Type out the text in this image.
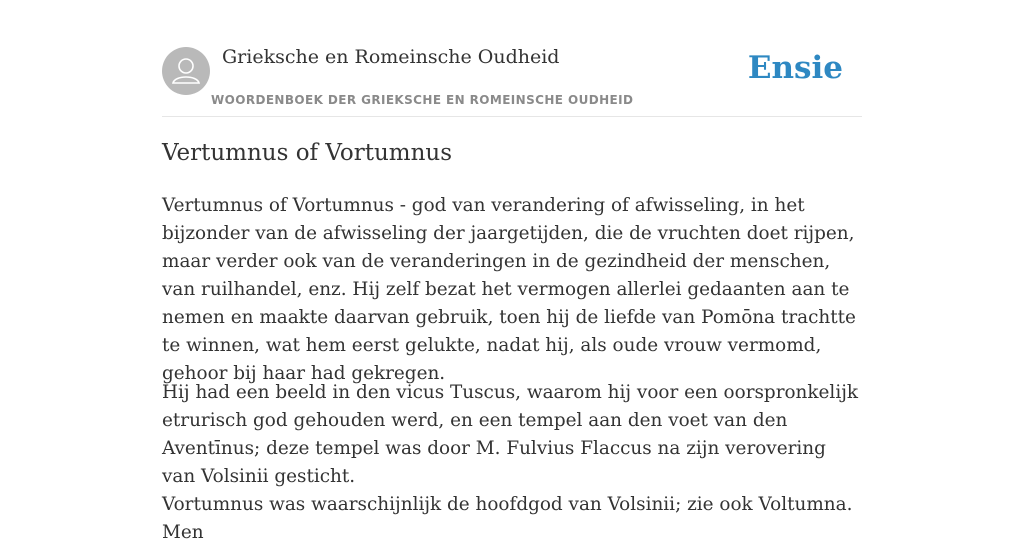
Grieksche en Romeinsche Oudheid
WOORDENBOEK DER GRIEKSCHE EN ROMEINSCHE OUDHEID
Ensie
Vertumnus of Vortumnus

Vertumnus of Vortumnus - god van verandering of afwisseling, in het bijzonder van de afwisseling der jaargetijden, die de vruchten doet rijpen, maar verder ook van de veranderingen in de gezindheid der menschen, van ruilhandel, enz. Hij zelf bezat het vermogen allerlei gedaanten aan te nemen en maakte daarvan gebruik, toen hij de liefde van Pomōna trachtte te winnen, wat hem eerst gelukte, nadat hij, als oude vrouw vermomd, gehoor bij haar had gekregen.

Hij had een beeld in den vicus Tuscus, waarom hij voor een oorspronkelijk etrurisch god gehouden werd, en een tempel aan den voet van den Aventīnus; deze tempel was door M. Fulvius Flaccus na zijn verovering van Volsinii gesticht.

Vortumnus was waarschijnlijk de hoofdgod van Volsinii; zie ook Voltumna. Men
